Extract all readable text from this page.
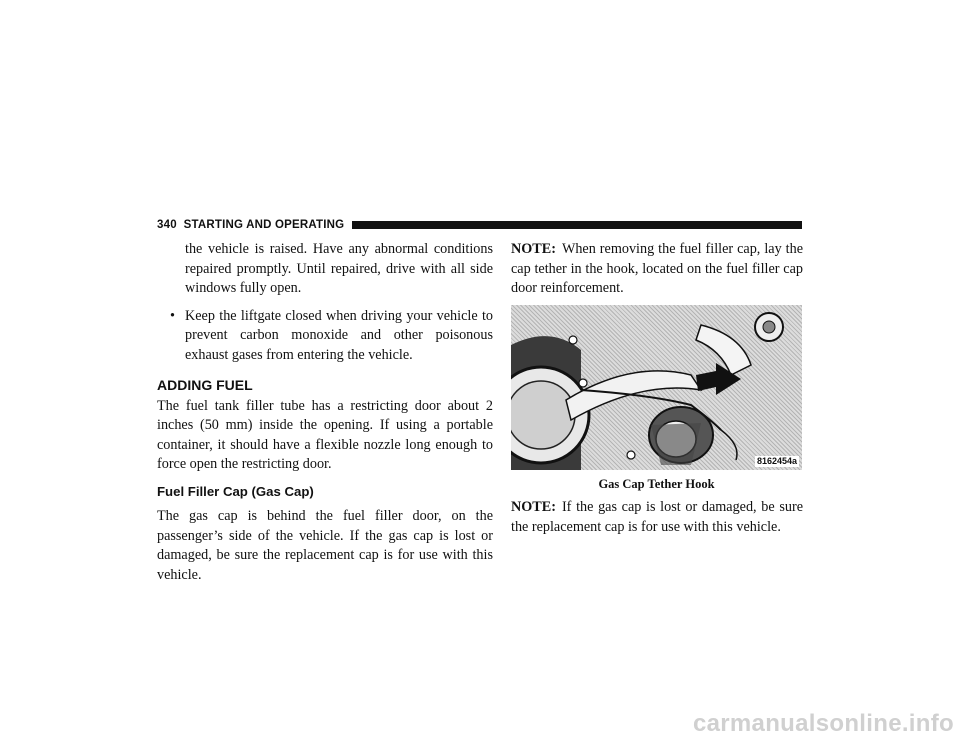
340 STARTING AND OPERATING

the vehicle is raised. Have any abnormal conditions repaired promptly. Until repaired, drive with all side windows fully open.

• Keep the liftgate closed when driving your vehicle to prevent carbon monoxide and other poisonous exhaust gases from entering the vehicle.
ADDING FUEL

The fuel tank filler tube has a restricting door about 2 inches (50 mm) inside the opening. If using a portable container, it should have a flexible nozzle long enough to force open the restricting door.

Fuel Filler Cap (Gas Cap)

The gas cap is behind the fuel filler door, on the passenger’s side of the vehicle. If the gas cap is lost or damaged, be sure the replacement cap is for use with this vehicle.

NOTE: When removing the fuel filler cap, lay the cap tether in the hook, located on the fuel filler cap door reinforcement.

8162454a
Gas Cap Tether Hook

NOTE: If the gas cap is lost or damaged, be sure the replacement cap is for use with this vehicle.

carmanualsonline.info
